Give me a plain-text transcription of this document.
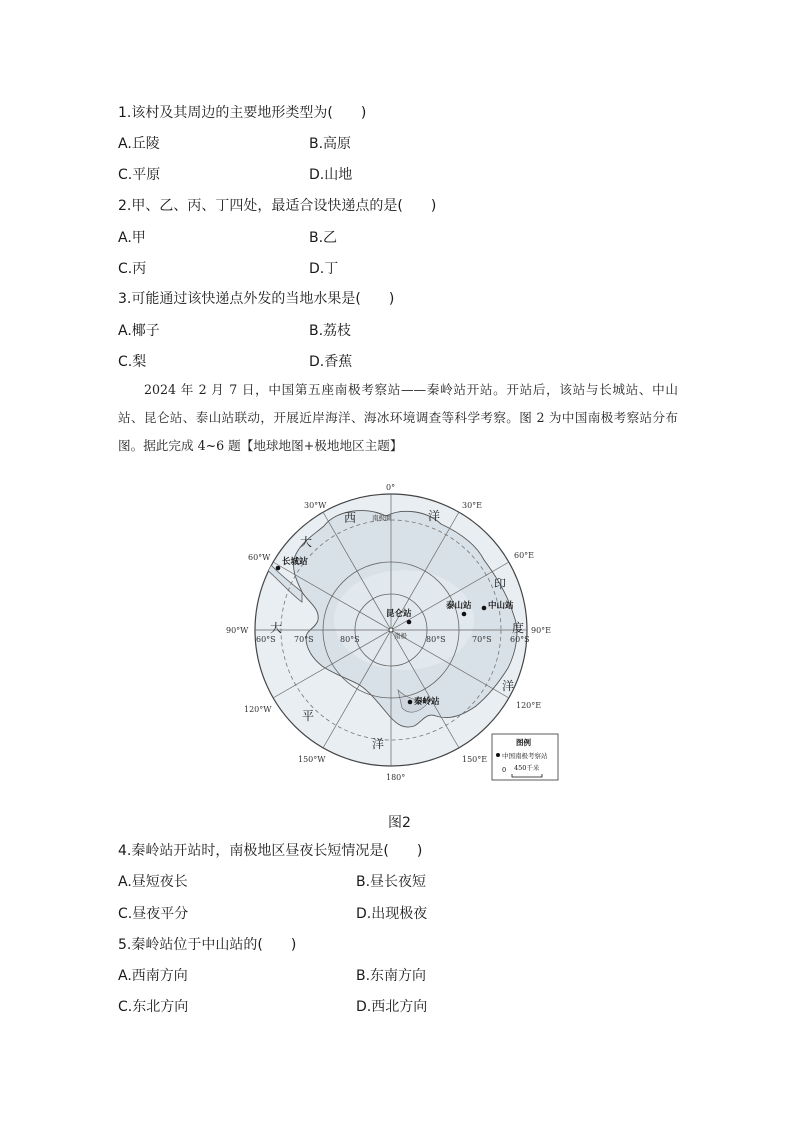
1.该村及其周边的主要地形类型为(　　)
A.丘陵	B.高原
C.平原	D.山地
2.甲、乙、丙、丁四处，最适合设快递点的是(　　)
A.甲	B.乙
C.丙	D.丁
3.可能通过该快递点外发的当地水果是(　　)
A.椰子	B.荔枝
C.梨	D.香蕉
2024 年 2 月 7 日，中国第五座南极考察站——秦岭站开站。开站后，该站与长城站、中山站、昆仑站、泰山站联动，开展近岸海洋、海冰环境调查等科学考察。图 2 为中国南极考察站分布图。据此完成 4~6 题【地球地图+极地地区主题】
0°
30°E
60°E
90°E
120°E
150°E
180°
150°W
120°W
90°W
60°W
30°W
60°S 70°S	80°S	80°S	70°S 60°S
南极
南极圈
西	洋
印
度
洋
大
大
平
洋
长城站
泰山站 中山站
昆仑站
秦岭站
图例
中国南极考察站
0 450千米
图2
4.秦岭站开站时，南极地区昼夜长短情况是(　　)
A.昼短夜长	B.昼长夜短
C.昼夜平分	D.出现极夜
5.秦岭站位于中山站的(　　)
A.西南方向	B.东南方向
C.东北方向	D.西北方向
